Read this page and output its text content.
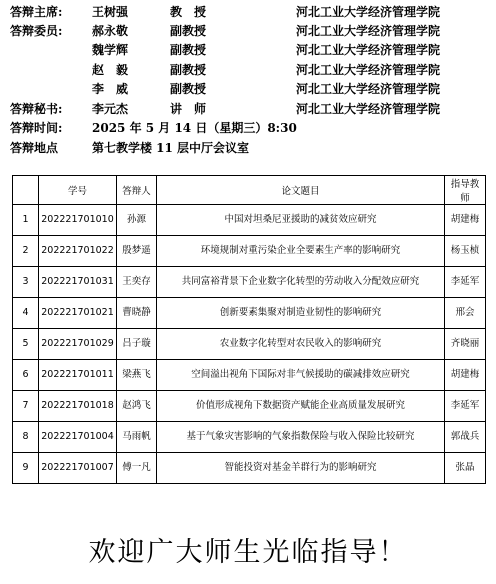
答辩主席: 王树强	教　授	河北工业大学经济管理学院
答辩委员: 郝永敬	副教授	河北工业大学经济管理学院
魏学辉	副教授	河北工业大学经济管理学院
赵　毅	副教授	河北工业大学经济管理学院
李　威	副教授	河北工业大学经济管理学院
答辩秘书: 李元杰	讲　师	河北工业大学经济管理学院
答辩时间: 2025 年 5 月 14 日（星期三）8:30
答辩地点	第七教学楼 11 层中厅会议室
	学号	答辩人	论文题目	指导教师
1	202221701010	孙源	中国对坦桑尼亚援助的减贫效应研究	胡建梅
2	202221701022	殷梦遥	环境规制对重污染企业全要素生产率的影响研究	杨玉桢
3	202221701031	王奕存	共同富裕背景下企业数字化转型的劳动收入分配效应研究	李延军
4	202221701021	曹晓静	创新要素集聚对制造业韧性的影响研究	邢会
5	202221701029	吕子璇	农业数字化转型对农民收入的影响研究	齐晓丽
6	202221701011	梁燕飞	空间溢出视角下国际对非气候援助的碳减排效应研究	胡建梅
7	202221701018	赵鸿飞	价值形成视角下数据资产赋能企业高质量发展研究	李延军
8	202221701004	马雨帆	基于气象灾害影响的气象指数保险与收入保险比较研究	郭战兵
9	202221701007	傅一凡	智能投资对基金羊群行为的影响研究	张晶
欢迎广大师生光临指导！
